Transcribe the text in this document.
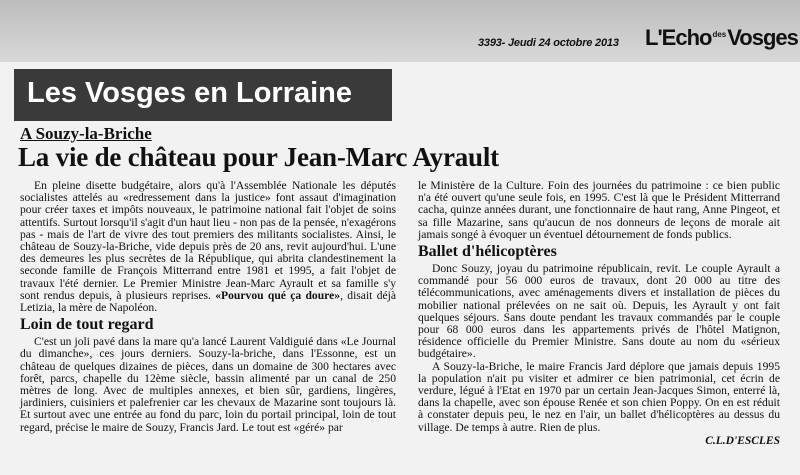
3393- Jeudi 24 octobre 2013 L'Echo$^{des}$Vosges
Les Vosges en Lorraine
A Souzy-la-Briche
La vie de château pour Jean-Marc Ayrault

En pleine disette budgétaire, alors qu'à l'Assemblée Nationale les députés socialistes attelés au «redressement dans la justice» font assaut d'imagination pour créer taxes et impôts nouveaux, le patrimoine national fait l'objet de soins attentifs. Surtout lorsqu'il s'agit d'un haut lieu - non pas de la pensée, n'exagérons pas - mais de l'art de vivre des tout premiers des militants socialistes. Ainsi, le château de Souzy-la-Briche, vide depuis près de 20 ans, revit aujourd'hui. L'une des demeures les plus secrètes de la République, qui abrita clandestinement la seconde famille de François Mitterrand entre 1981 et 1995, a fait l'objet de travaux l'été dernier. Le Premier Ministre Jean-Marc Ayrault et sa famille s'y sont rendus depuis, à plusieurs reprises. «Pourvou qué ça doure», disait déjà Letizia, la mère de Napoléon.

Loin de tout regard

C'est un joli pavé dans la mare qu'a lancé Laurent Valdiguié dans «Le Journal du dimanche», ces jours derniers. Souzy-la-briche, dans l'Essonne, est un château de quelques dizaines de pièces, dans un domaine de 300 hectares avec forêt, parcs, chapelle du 12ème siècle, bassin alimenté par un canal de 250 mètres de long. Avec de multiples annexes, et bien sûr, gardiens, lingères, jardiniers, cuisiniers et palefrenier car les chevaux de Mazarine sont toujours là. Et surtout avec une entrée au fond du parc, loin du portail principal, loin de tout regard, précise le maire de Souzy, Francis Jard. Le tout est «géré» par

le Ministère de la Culture. Foin des journées du patrimoine : ce bien public n'a été ouvert qu'une seule fois, en 1995. C'est là que le Président Mitterrand cacha, quinze années durant, une fonctionnaire de haut rang, Anne Pingeot, et sa fille Mazarine, sans qu'aucun de nos donneurs de leçons de morale ait jamais songé à évoquer un éventuel détournement de fonds publics.

Ballet d'hélicoptères

Donc Souzy, joyau du patrimoine républicain, revit. Le couple Ayrault a commandé pour 56 000 euros de travaux, dont 20 000 au titre des télécommunications, avec aménagements divers et installation de pièces du mobilier national prélevées on ne sait où. Depuis, les Ayrault y ont fait quelques séjours. Sans doute pendant les travaux commandés par le couple pour 68 000 euros dans les appartements privés de l'hôtel Matignon, résidence officielle du Premier Ministre. Sans doute au nom du «sérieux budgétaire».

A Souzy-la-Briche, le maire Francis Jard déplore que jamais depuis 1995 la population n'ait pu visiter et admirer ce bien patrimonial, cet écrin de verdure, légué à l'Etat en 1970 par un certain Jean-Jacques Simon, enterré là, dans la chapelle, avec son épouse Renée et son chien Poppy. On en est réduit à constater depuis peu, le nez en l'air, un ballet d'hélicoptères au dessus du village. De temps à autre. Rien de plus.

C.L.D'ESCLES
